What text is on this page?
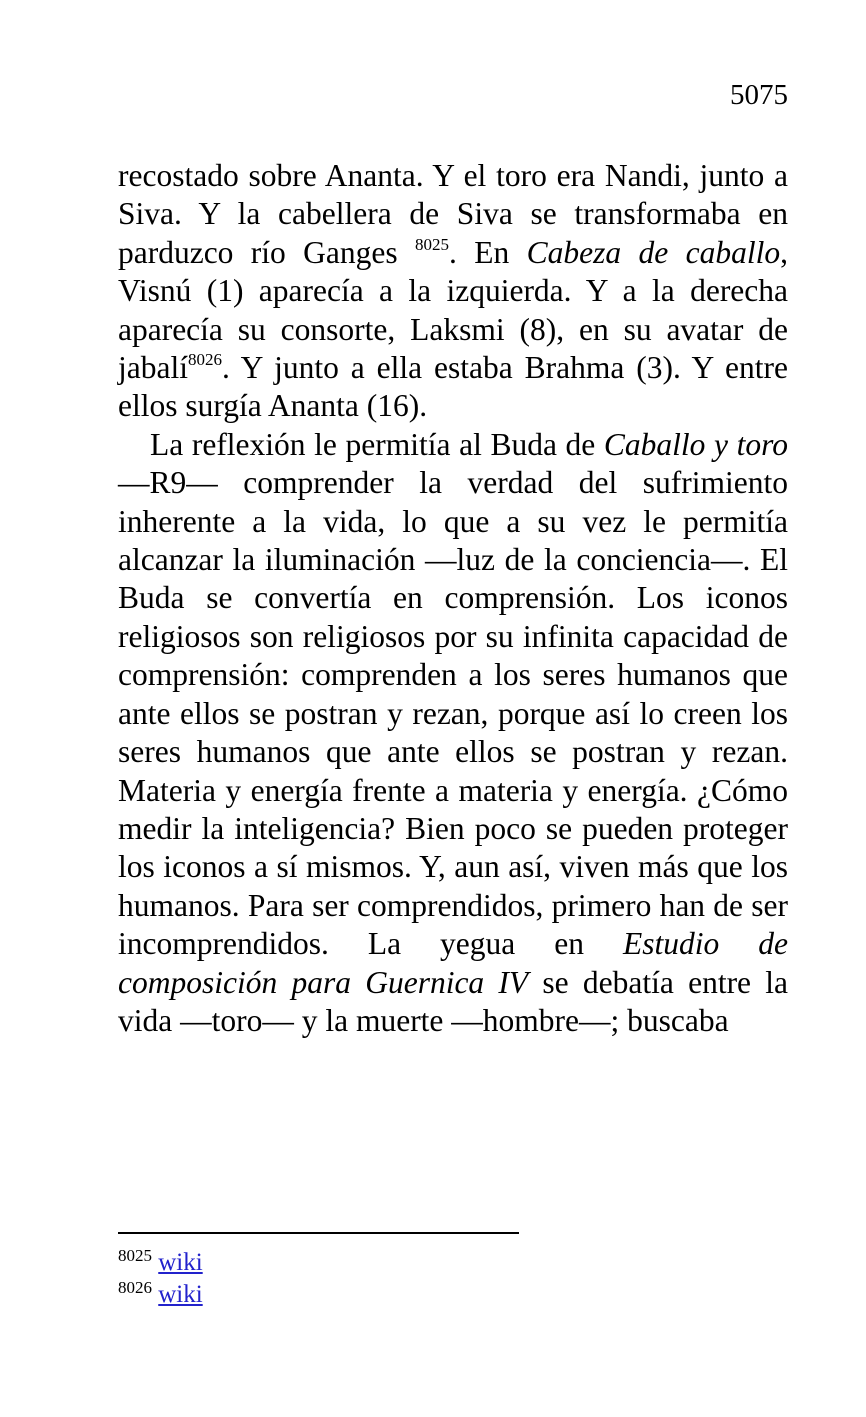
5075

recostado sobre Ananta. Y el toro era Nandi, junto a Siva. Y la cabellera de Siva se transformaba en parduzco río Ganges $^{8025}$. En Cabeza de caballo, Visnú (1) aparecía a la izquierda. Y a la derecha aparecía su consorte, Laksmi (8), en su avatar de jabalí$^{8026}$. Y junto a ella estaba Brahma (3). Y entre ellos surgía Ananta (16).

La reflexión le permitía al Buda de Caballo y toro —R9— comprender la verdad del sufrimiento inherente a la vida, lo que a su vez le permitía alcanzar la iluminación —luz de la conciencia—. El Buda se convertía en comprensión. Los iconos religiosos son religiosos por su infinita capacidad de comprensión: comprenden a los seres humanos que ante ellos se postran y rezan, porque así lo creen los seres humanos que ante ellos se postran y rezan. Materia y energía frente a materia y energía. ¿Cómo medir la inteligencia? Bien poco se pueden proteger los iconos a sí mismos. Y, aun así, viven más que los humanos. Para ser comprendidos, primero han de ser incomprendidos. La yegua en Estudio de composición para Guernica IV se debatía entre la vida —toro— y la muerte —hombre—; buscaba

$^{8025}$ wiki
$^{8026}$ wiki
